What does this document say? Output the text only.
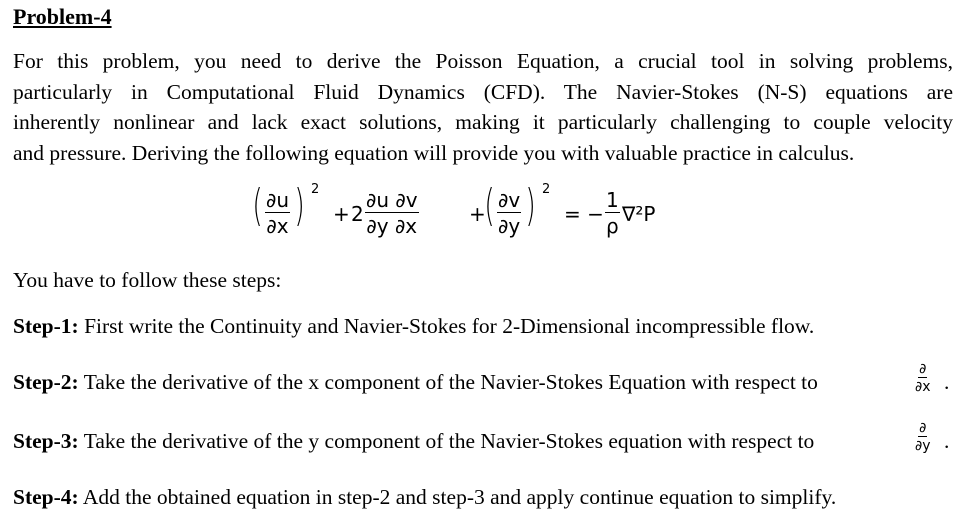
Problem-4
For this problem, you need to derive the Poisson Equation, a crucial tool in solving problems,
particularly in Computational Fluid Dynamics (CFD). The Navier-Stokes (N-S) equations are
inherently nonlinear and lack exact solutions, making it particularly challenging to couple velocity
and pressure. Deriving the following equation will provide you with valuable practice in calculus.
( $\frac{\partial u}{\partial x}$ ) 2
+ $2 \frac{\partial u \partial v}{\partial y \partial x}$	+
( $\frac{\partial v}{\partial y}$ ) 2
= − $\frac{1}{\rho} \nabla^2P$
You have to follow these steps:
Step-1: First write the Continuity and Navier-Stokes for 2-Dimensional incompressible flow.
Step-2: Take the derivative of the x component of the Navier-Stokes Equation with respect to
∂
∂x .
Step-3: Take the derivative of the y component of the Navier-Stokes equation with respect to
∂
∂y .
Step-4: Add the obtained equation in step-2 and step-3 and apply continue equation to simplify.
